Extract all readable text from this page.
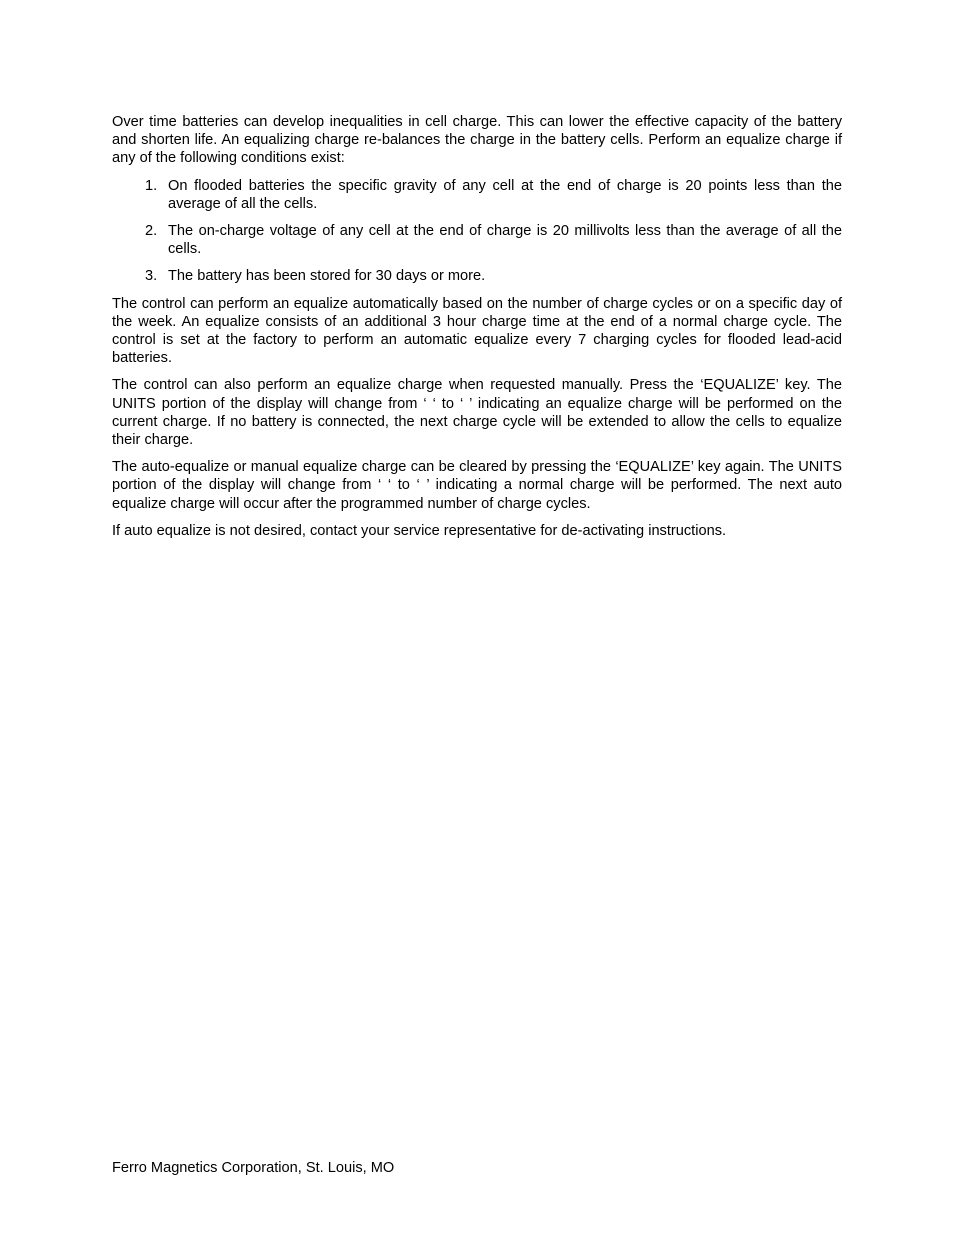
Over time batteries can develop inequalities in cell charge. This can lower the effective capacity of the battery and shorten life. An equalizing charge re-balances the charge in the battery cells. Perform an equalize charge if any of the following conditions exist:

1. On flooded batteries the specific gravity of any cell at the end of charge is 20 points less than the average of all the cells.
2. The on-charge voltage of any cell at the end of charge is 20 millivolts less than the average of all the cells.
3. The battery has been stored for 30 days or more.

The control can perform an equalize automatically based on the number of charge cycles or on a specific day of the week. An equalize consists of an additional 3 hour charge time at the end of a normal charge cycle. The control is set at the factory to perform an automatic equalize every 7 charging cycles for flooded lead-acid batteries.

The control can also perform an equalize charge when requested manually. Press the ‘EQUALIZE’ key. The UNITS portion of the display will change from ‘ ‘ to ‘ ’ indicating an equalize charge will be performed on the current charge. If no battery is connected, the next charge cycle will be extended to allow the cells to equalize their charge.

The auto-equalize or manual equalize charge can be cleared by pressing the ‘EQUALIZE’ key again. The UNITS portion of the display will change from ‘ ‘ to ‘ ’ indicating a normal charge will be performed. The next auto equalize charge will occur after the programmed number of charge cycles.

If auto equalize is not desired, contact your service representative for de-activating instructions.

Ferro Magnetics Corporation, St. Louis, MO
